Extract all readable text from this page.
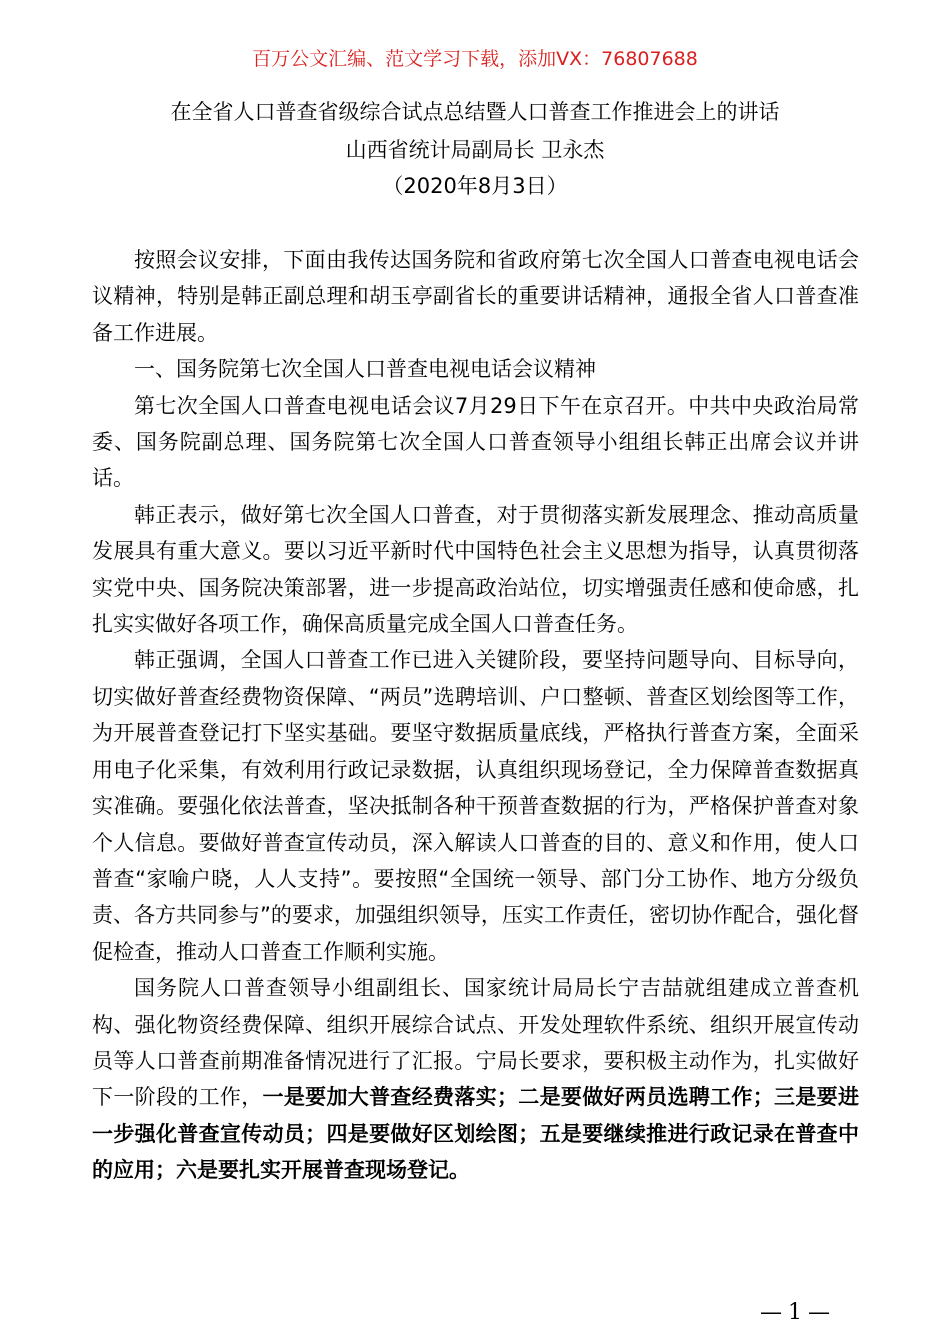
百万公文汇编、范文学习下载，添加VX：76807688
在全省人口普查省级综合试点总结暨人口普查工作推进会上的讲话
山西省统计局副局长 卫永杰
（2020年8月3日）

按照会议安排，下面由我传达国务院和省政府第七次全国人口普查电视电话会议精神，特别是韩正副总理和胡玉亭副省长的重要讲话精神，通报全省人口普查准备工作进展。

一、国务院第七次全国人口普查电视电话会议精神

第七次全国人口普查电视电话会议7月29日下午在京召开。中共中央政治局常委、国务院副总理、国务院第七次全国人口普查领导小组组长韩正出席会议并讲话。

韩正表示，做好第七次全国人口普查，对于贯彻落实新发展理念、推动高质量发展具有重大意义。要以习近平新时代中国特色社会主义思想为指导，认真贯彻落实党中央、国务院决策部署，进一步提高政治站位，切实增强责任感和使命感，扎扎实实做好各项工作，确保高质量完成全国人口普查任务。

韩正强调，全国人口普查工作已进入关键阶段，要坚持问题导向、目标导向，切实做好普查经费物资保障、“两员”选聘培训、户口整顿、普查区划绘图等工作，为开展普查登记打下坚实基础。要坚守数据质量底线，严格执行普查方案，全面采用电子化采集，有效利用行政记录数据，认真组织现场登记，全力保障普查数据真实准确。要强化依法普查，坚决抵制各种干预普查数据的行为，严格保护普查对象个人信息。要做好普查宣传动员，深入解读人口普查的目的、意义和作用，使人口普查“家喻户晓，人人支持”。要按照“全国统一领导、部门分工协作、地方分级负责、各方共同参与”的要求，加强组织领导，压实工作责任，密切协作配合，强化督促检查，推动人口普查工作顺利实施。

国务院人口普查领导小组副组长、国家统计局局长宁吉喆就组建成立普查机构、强化物资经费保障、组织开展综合试点、开发处理软件系统、组织开展宣传动员等人口普查前期准备情况进行了汇报。宁局长要求，要积极主动作为，扎实做好下一阶段的工作，一是要加大普查经费落实；二是要做好两员选聘工作；三是要进一步强化普查宣传动员；四是要做好区划绘图；五是要继续推进行政记录在普查中的应用；六是要扎实开展普查现场登记。

—1—
